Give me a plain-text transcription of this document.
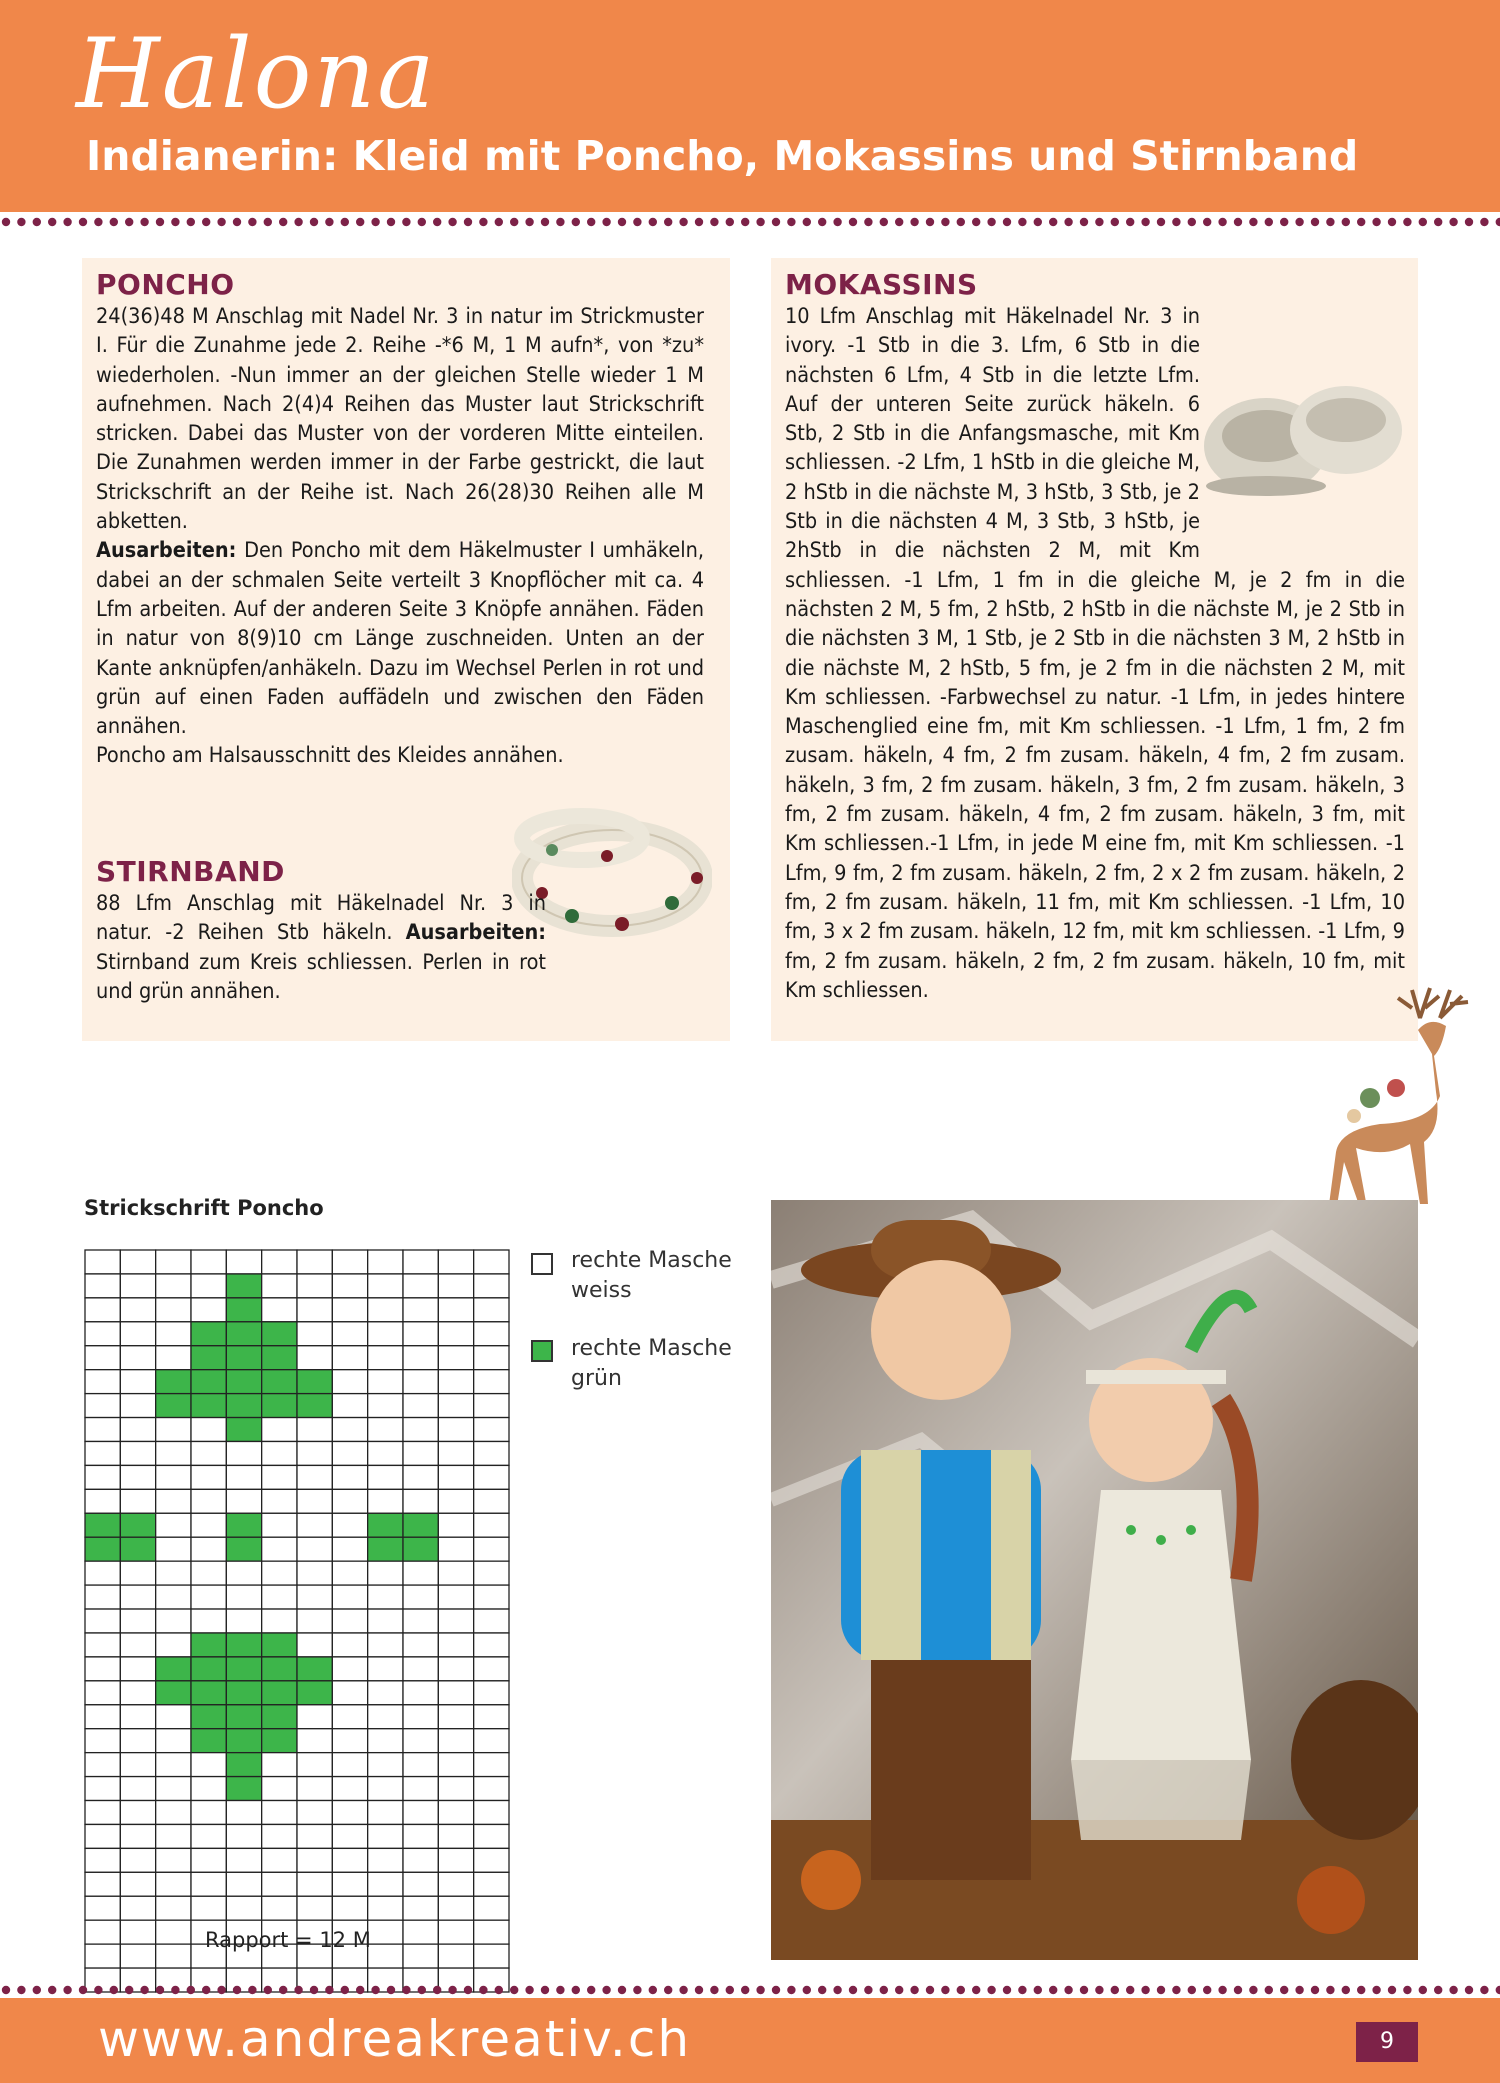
Halona
Indianerin: Kleid mit Poncho, Mokassins und Stirnband
PONCHO
24(36)48 M Anschlag mit Nadel Nr. 3 in natur im Strickmuster I. Für die Zunahme jede 2. Reihe -*6 M, 1 M aufn*, von *zu* wiederholen. -Nun immer an der gleichen Stelle wieder 1 M aufnehmen. Nach 2(4)4 Reihen das Muster laut Strickschrift stricken. Dabei das Muster von der vorderen Mitte einteilen. Die Zunahmen werden immer in der Farbe gestrickt, die laut Strickschrift an der Reihe ist. Nach 26(28)30 Reihen alle M abketten.
Ausarbeiten: Den Poncho mit dem Häkelmuster I umhäkeln, dabei an der schmalen Seite verteilt 3 Knopflöcher mit ca. 4 Lfm arbeiten. Auf der anderen Seite 3 Knöpfe annähen. Fäden in natur von 8(9)10 cm Länge zuschneiden. Unten an der Kante anknüpfen/anhäkeln. Dazu im Wechsel Perlen in rot und grün auf einen Faden auffädeln und zwischen den Fäden annähen.
Poncho am Halsausschnitt des Kleides annähen.
STIRNBAND
88 Lfm Anschlag mit Häkelnadel Nr. 3 in natur. -2 Reihen Stb häkeln. Ausarbeiten: Stirnband zum Kreis schliessen. Perlen in rot und grün annähen.
MOKASSINS
10 Lfm Anschlag mit Häkelnadel Nr. 3 in ivory. -1 Stb in die 3. Lfm, 6 Stb in die nächsten 6 Lfm, 4 Stb in die letzte Lfm. Auf der unteren Seite zurück häkeln. 6 Stb, 2 Stb in die Anfangsmasche, mit Km schliessen. -2 Lfm, 1 hStb in die gleiche M, 2 hStb in die nächste M, 3 hStb, 3 Stb, je 2 Stb in die nächsten 4 M, 3 Stb, 3 hStb, je 2hStb in die nächsten 2 M, mit Km schliessen. -1 Lfm, 1 fm in die gleiche M, je 2 fm in die nächsten 2 M, 5 fm, 2 hStb, 2 hStb in die nächste M, je 2 Stb in die nächsten 3 M, 1 Stb, je 2 Stb in die nächsten 3 M, 2 hStb in die nächste M, 2 hStb, 5 fm, je 2 fm in die nächsten 2 M, mit Km schliessen. -Farbwechsel zu natur. -1 Lfm, in jedes hintere Maschenglied eine fm, mit Km schliessen. -1 Lfm, 1 fm, 2 fm zusam. häkeln, 4 fm, 2 fm zusam. häkeln, 4 fm, 2 fm zusam. häkeln, 3 fm, 2 fm zusam. häkeln, 3 fm, 2 fm zusam. häkeln, 3 fm, 2 fm zusam. häkeln, 4 fm, 2 fm zusam. häkeln, 3 fm, mit Km schliessen.-1 Lfm, in jede M eine fm, mit Km schliessen. -1 Lfm, 9 fm, 2 fm zusam. häkeln, 2 fm, 2 x 2 fm zusam. häkeln, 2 fm, 2 fm zusam. häkeln, 11 fm, mit Km schliessen. -1 Lfm, 10 fm, 3 x 2 fm zusam. häkeln, 12 fm, mit km schliessen. -1 Lfm, 9 fm, 2 fm zusam. häkeln, 2 fm, 2 fm zusam. häkeln, 10 fm, mit Km schliessen.
Strickschrift Poncho
rechte Masche
weiss
rechte Masche
grün
Rapport = 12 M
www.andreakreativ.ch	9
